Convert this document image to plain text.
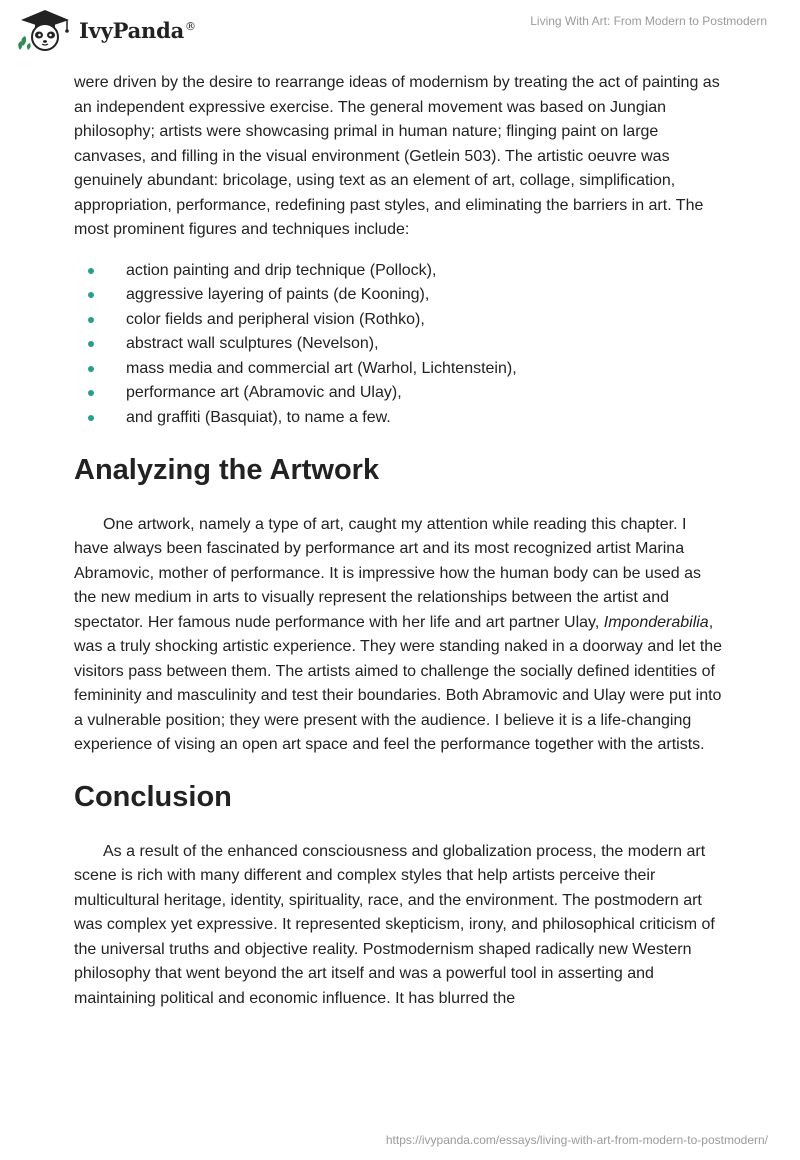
IvyPanda®	Living With Art: From Modern to Postmodern

were driven by the desire to rearrange ideas of modernism by treating the act of painting as an independent expressive exercise. The general movement was based on Jungian philosophy; artists were showcasing primal in human nature; flinging paint on large canvases, and filling in the visual environment (Getlein 503). The artistic oeuvre was genuinely abundant: bricolage, using text as an element of art, collage, simplification, appropriation, performance, redefining past styles, and eliminating the barriers in art. The most prominent figures and techniques include:

action painting and drip technique (Pollock),
aggressive layering of paints (de Kooning),
color fields and peripheral vision (Rothko),
abstract wall sculptures (Nevelson),
mass media and commercial art (Warhol, Lichtenstein),
performance art (Abramovic and Ulay),
and graffiti (Basquiat), to name a few.
Analyzing the Artwork

One artwork, namely a type of art, caught my attention while reading this chapter. I have always been fascinated by performance art and its most recognized artist Marina Abramovic, mother of performance. It is impressive how the human body can be used as the new medium in arts to visually represent the relationships between the artist and spectator. Her famous nude performance with her life and art partner Ulay, Imponderabilia, was a truly shocking artistic experience. They were standing naked in a doorway and let the visitors pass between them. The artists aimed to challenge the socially defined identities of femininity and masculinity and test their boundaries. Both Abramovic and Ulay were put into a vulnerable position; they were present with the audience. I believe it is a life-changing experience of vising an open art space and feel the performance together with the artists.

Conclusion

As a result of the enhanced consciousness and globalization process, the modern art scene is rich with many different and complex styles that help artists perceive their multicultural heritage, identity, spirituality, race, and the environment. The postmodern art was complex yet expressive. It represented skepticism, irony, and philosophical criticism of the universal truths and objective reality. Postmodernism shaped radically new Western philosophy that went beyond the art itself and was a powerful tool in asserting and maintaining political and economic influence. It has blurred the

https://ivypanda.com/essays/living-with-art-from-modern-to-postmodern/
